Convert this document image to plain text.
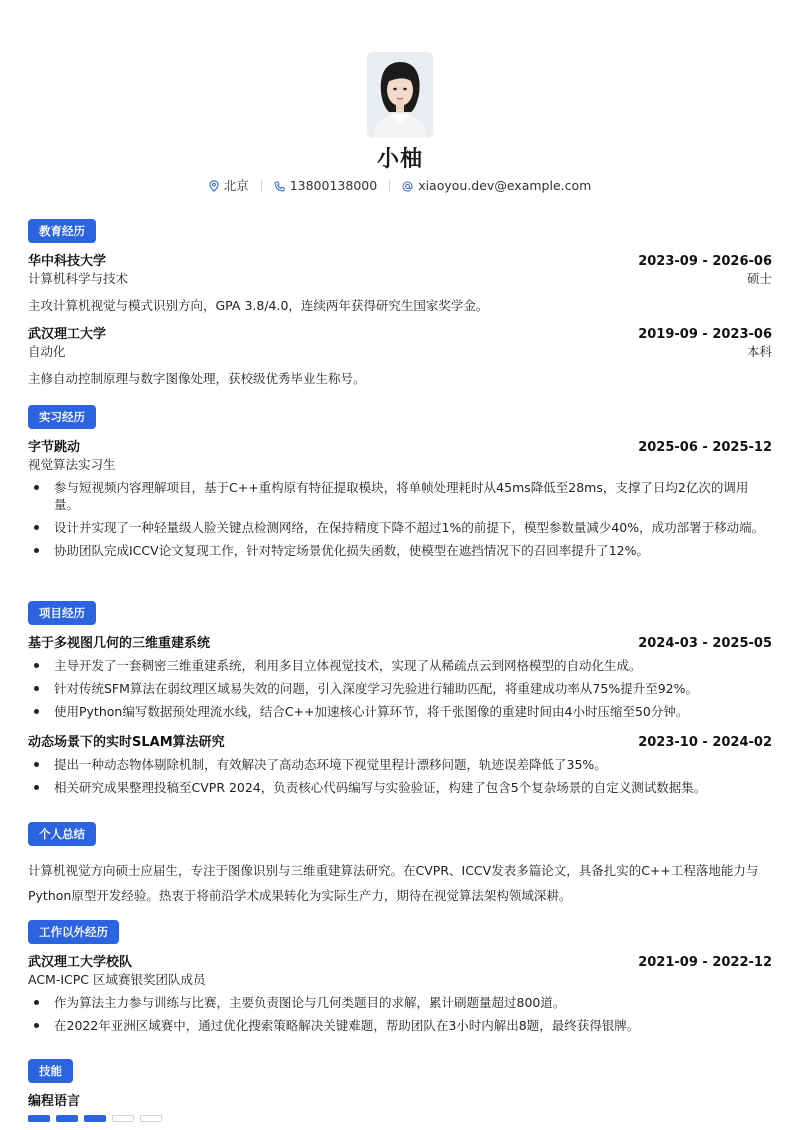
小柚
北京	13800138000	xiaoyou.dev@example.com
教育经历
华中科技大学	2023-09 - 2026-06
计算机科学与技术	硕士
主攻计算机视觉与模式识别方向，GPA 3.8/4.0，连续两年获得研究生国家奖学金。
武汉理工大学	2019-09 - 2023-06
自动化	本科
主修自动控制原理与数字图像处理，获校级优秀毕业生称号。
实习经历
字节跳动	2025-06 - 2025-12
视觉算法实习生
参与短视频内容理解项目，基于C++重构原有特征提取模块，将单帧处理耗时从45ms降低至28ms，支撑了日均2亿次的调用量。
设计并实现了一种轻量级人脸关键点检测网络，在保持精度下降不超过1%的前提下，模型参数量减少40%，成功部署于移动端。
协助团队完成ICCV论文复现工作，针对特定场景优化损失函数，使模型在遮挡情况下的召回率提升了12%。
项目经历
基于多视图几何的三维重建系统	2024-03 - 2025-05
主导开发了一套稠密三维重建系统，利用多目立体视觉技术，实现了从稀疏点云到网格模型的自动化生成。
针对传统SFM算法在弱纹理区域易失效的问题，引入深度学习先验进行辅助匹配，将重建成功率从75%提升至92%。
使用Python编写数据预处理流水线，结合C++加速核心计算环节，将千张图像的重建时间由4小时压缩至50分钟。
动态场景下的实时SLAM算法研究	2023-10 - 2024-02
提出一种动态物体剔除机制，有效解决了高动态环境下视觉里程计漂移问题，轨迹误差降低了35%。
相关研究成果整理投稿至CVPR 2024，负责核心代码编写与实验验证，构建了包含5个复杂场景的自定义测试数据集。
个人总结
计算机视觉方向硕士应届生，专注于图像识别与三维重建算法研究。在CVPR、ICCV发表多篇论文，具备扎实的C++工程落地能力与Python原型开发经验。热衷于将前沿学术成果转化为实际生产力，期待在视觉算法架构领域深耕。
工作以外经历
武汉理工大学校队	2021-09 - 2022-12
ACM-ICPC 区域赛银奖团队成员
作为算法主力参与训练与比赛，主要负责图论与几何类题目的求解，累计刷题量超过800道。
在2022年亚洲区域赛中，通过优化搜索策略解决关键难题，帮助团队在3小时内解出8题，最终获得银牌。
技能
编程语言
